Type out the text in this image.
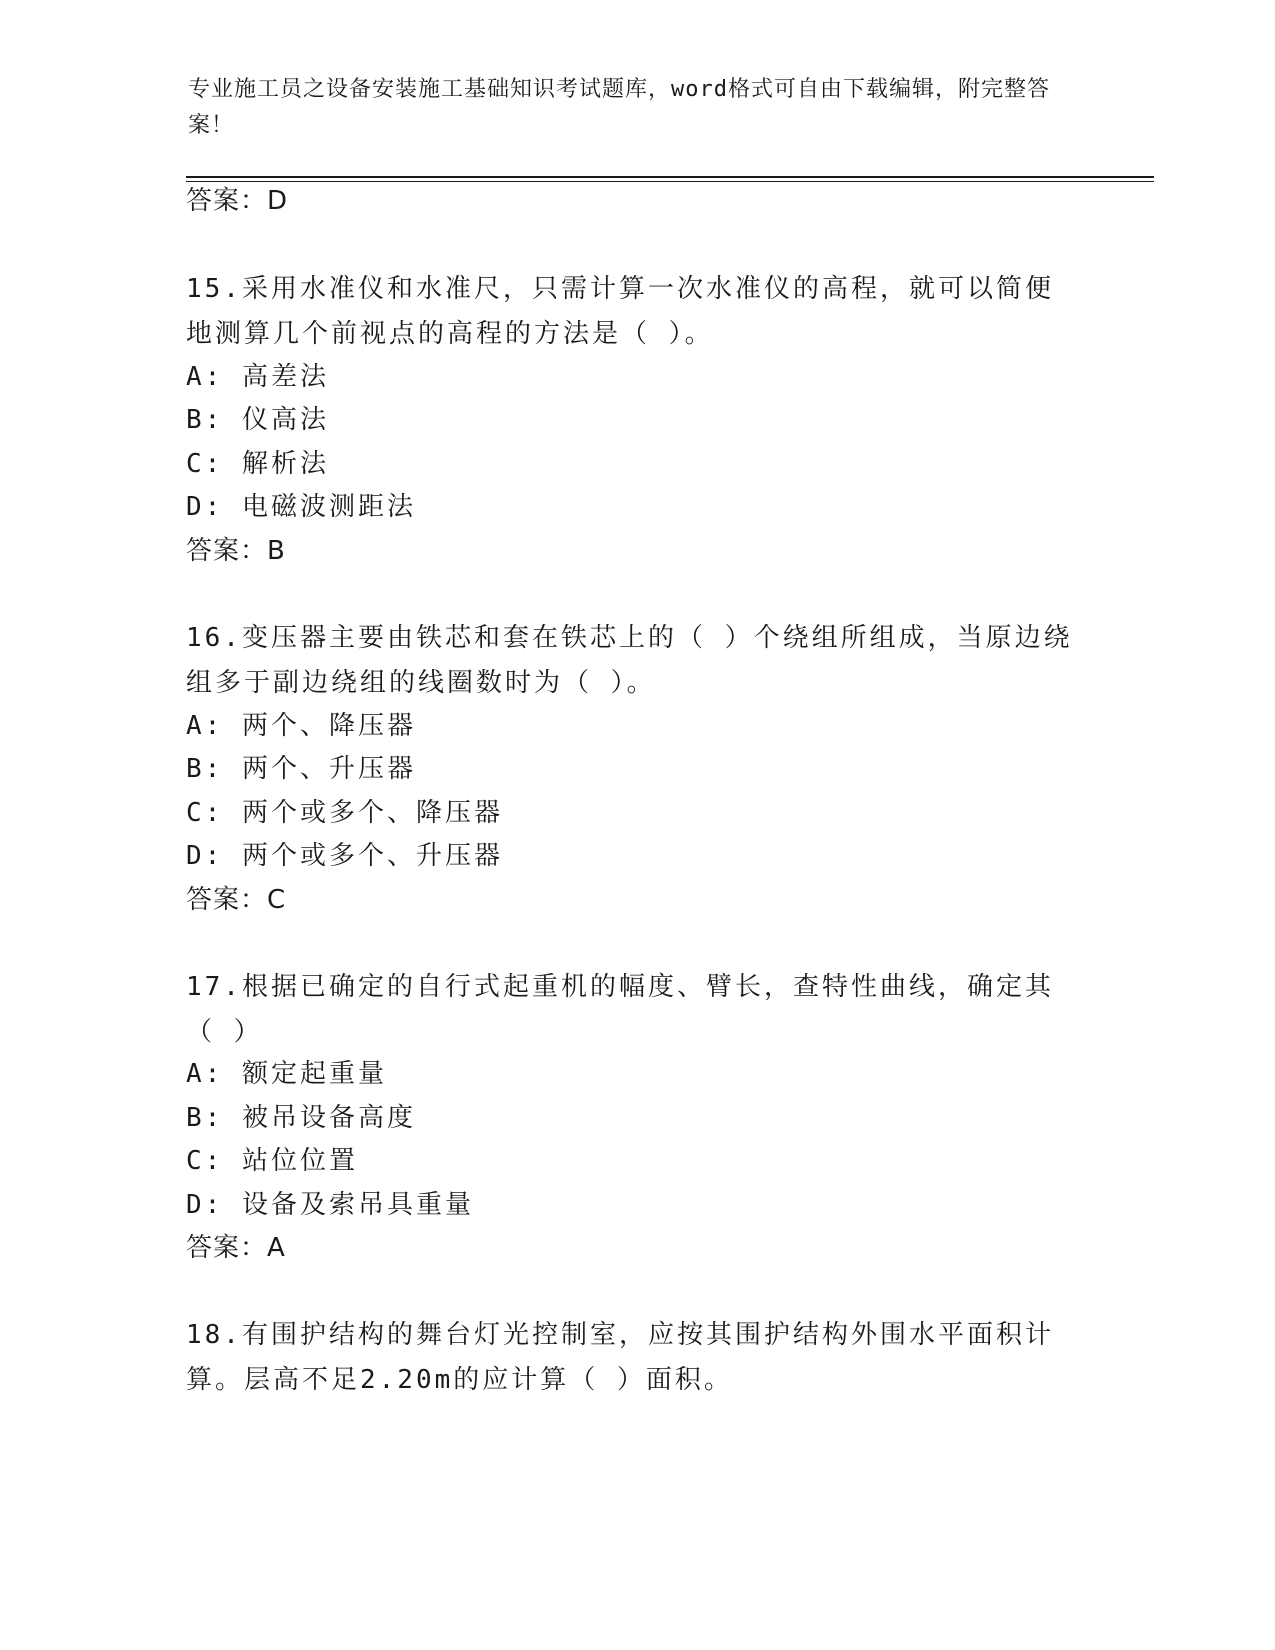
专业施工员之设备安装施工基础知识考试题库，word格式可自由下载编辑，附完整答案！
答案：D
15.采用水准仪和水准尺，只需计算一次水准仪的高程，就可以简便地测算几个前视点的高程的方法是（ ）。
A: 高差法
B: 仪高法
C: 解析法
D: 电磁波测距法
答案：B
16.变压器主要由铁芯和套在铁芯上的（ ）个绕组所组成，当原边绕组多于副边绕组的线圈数时为（ ）。
A: 两个、降压器
B: 两个、升压器
C: 两个或多个、降压器
D: 两个或多个、升压器
答案：C
17.根据已确定的自行式起重机的幅度、臂长，查特性曲线，确定其（ ）
A: 额定起重量
B: 被吊设备高度
C: 站位位置
D: 设备及索吊具重量
答案：A
18.有围护结构的舞台灯光控制室，应按其围护结构外围水平面积计算。层高不足2.20m的应计算（ ）面积。
